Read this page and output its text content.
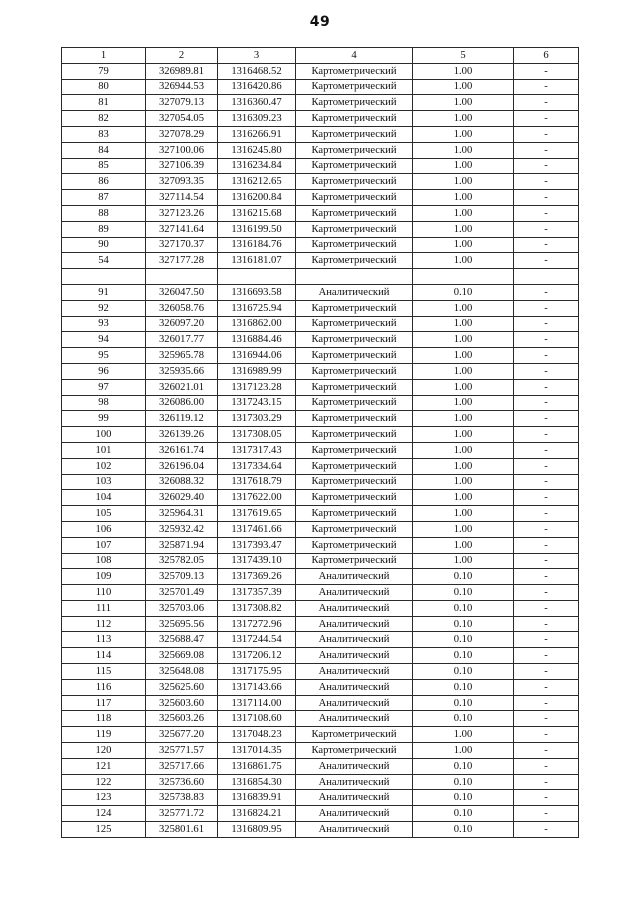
49
1	2	3	4	5	6
79	326989.81	1316468.52	Картометрический	1.00	-
80	326944.53	1316420.86	Картометрический	1.00	-
81	327079.13	1316360.47	Картометрический	1.00	-
82	327054.05	1316309.23	Картометрический	1.00	-
83	327078.29	1316266.91	Картометрический	1.00	-
84	327100.06	1316245.80	Картометрический	1.00	-
85	327106.39	1316234.84	Картометрический	1.00	-
86	327093.35	1316212.65	Картометрический	1.00	-
87	327114.54	1316200.84	Картометрический	1.00	-
88	327123.26	1316215.68	Картометрический	1.00	-
89	327141.64	1316199.50	Картометрический	1.00	-
90	327170.37	1316184.76	Картометрический	1.00	-
54	327177.28	1316181.07	Картометрический	1.00	-

91	326047.50	1316693.58	Аналитический	0.10	-
92	326058.76	1316725.94	Картометрический	1.00	-
93	326097.20	1316862.00	Картометрический	1.00	-
94	326017.77	1316884.46	Картометрический	1.00	-
95	325965.78	1316944.06	Картометрический	1.00	-
96	325935.66	1316989.99	Картометрический	1.00	-
97	326021.01	1317123.28	Картометрический	1.00	-
98	326086.00	1317243.15	Картометрический	1.00	-
99	326119.12	1317303.29	Картометрический	1.00	-
100	326139.26	1317308.05	Картометрический	1.00	-
101	326161.74	1317317.43	Картометрический	1.00	-
102	326196.04	1317334.64	Картометрический	1.00	-
103	326088.32	1317618.79	Картометрический	1.00	-
104	326029.40	1317622.00	Картометрический	1.00	-
105	325964.31	1317619.65	Картометрический	1.00	-
106	325932.42	1317461.66	Картометрический	1.00	-
107	325871.94	1317393.47	Картометрический	1.00	-
108	325782.05	1317439.10	Картометрический	1.00	-
109	325709.13	1317369.26	Аналитический	0.10	-
110	325701.49	1317357.39	Аналитический	0.10	-
111	325703.06	1317308.82	Аналитический	0.10	-
112	325695.56	1317272.96	Аналитический	0.10	-
113	325688.47	1317244.54	Аналитический	0.10	-
114	325669.08	1317206.12	Аналитический	0.10	-
115	325648.08	1317175.95	Аналитический	0.10	-
116	325625.60	1317143.66	Аналитический	0.10	-
117	325603.60	1317114.00	Аналитический	0.10	-
118	325603.26	1317108.60	Аналитический	0.10	-
119	325677.20	1317048.23	Картометрический	1.00	-
120	325771.57	1317014.35	Картометрический	1.00	-
121	325717.66	1316861.75	Аналитический	0.10	-
122	325736.60	1316854.30	Аналитический	0.10	-
123	325738.83	1316839.91	Аналитический	0.10	-
124	325771.72	1316824.21	Аналитический	0.10	-
125	325801.61	1316809.95	Аналитический	0.10	-
